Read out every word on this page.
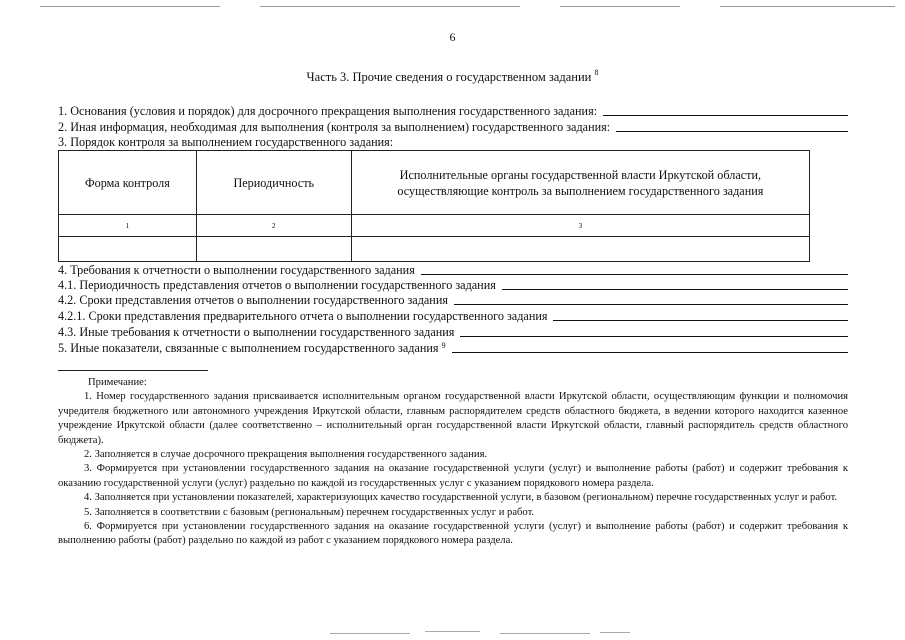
6
Часть 3. Прочие сведения о государственном задании $^8$
1. Основания (условия и порядок) для досрочного прекращения выполнения государственного задания:
2. Иная информация, необходимая для выполнения (контроля за выполнением) государственного задания:
3. Порядок контроля за выполнением государственного задания:
Форма контроля	Периодичность	Исполнительные органы государственной власти Иркутской области, осуществляющие контроль за выполнением государственного задания
1	2	3

4. Требования к отчетности о выполнении государственного задания
4.1. Периодичность представления отчетов о выполнении государственного задания
4.2. Сроки представления отчетов о выполнении государственного задания
4.2.1. Сроки представления предварительного отчета о выполнении государственного задания
4.3. Иные требования к отчетности о выполнении государственного задания
5. Иные показатели, связанные с выполнением государственного задания $^9$

Примечание:

1. Номер государственного задания присваивается исполнительным органом государственной власти Иркутской области, осуществляющим функции и полномочия учредителя бюджетного или автономного учреждения Иркутской области, главным распорядителем средств областного бюджета, в ведении которого находится казенное учреждение Иркутской области (далее соответственно – исполнительный орган государственной власти Иркутской области, главный распорядитель средств областного бюджета).

2. Заполняется в случае досрочного прекращения выполнения государственного задания.

3. Формируется при установлении государственного задания на оказание государственной услуги (услуг) и выполнение работы (работ) и содержит требования к оказанию государственной услуги (услуг) раздельно по каждой из государственных услуг с указанием порядкового номера раздела.

4. Заполняется при установлении показателей, характеризующих качество государственной услуги, в базовом (региональном) перечне государственных услуг и работ.

5. Заполняется в соответствии с базовым (региональным) перечнем государственных услуг и работ.

6. Формируется при установлении государственного задания на оказание государственной услуги (услуг) и выполнение работы (работ) и содержит требования к выполнению работы (работ) раздельно по каждой из работ с указанием порядкового номера раздела.
